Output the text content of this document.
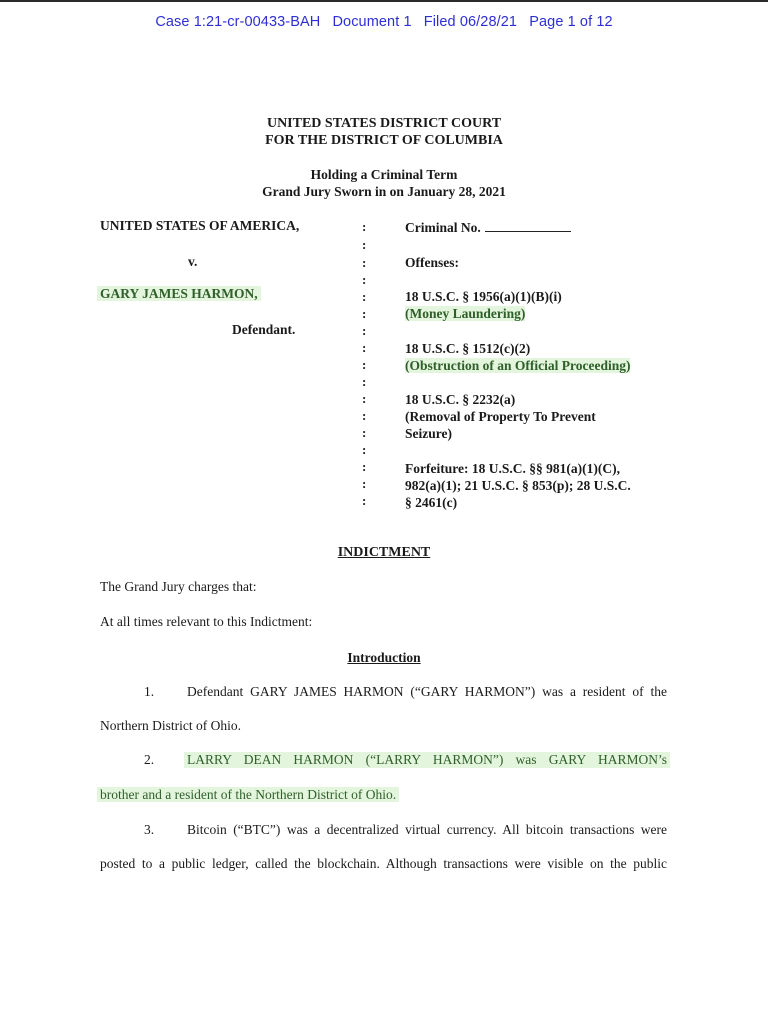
Case 1:21-cr-00433-BAH Document 1 Filed 06/28/21 Page 1 of 12
UNITED STATES DISTRICT COURT
FOR THE DISTRICT OF COLUMBIA
Holding a Criminal Term
Grand Jury Sworn in on January 28, 2021
UNITED STATES OF AMERICA,
v.
GARY JAMES HARMON,
Defendant.
:
:
:
:
:
:
:
:
:
:
:
:
:
:
:
:
:
Criminal No.
Offenses:
18 U.S.C. § 1956(a)(1)(B)(i)
(Money Laundering)
18 U.S.C. § 1512(c)(2)
(Obstruction of an Official Proceeding)
18 U.S.C. § 2232(a)
(Removal of Property To Prevent
Seizure)
Forfeiture: 18 U.S.C. §§ 981(a)(1)(C),
982(a)(1); 21 U.S.C. § 853(p); 28 U.S.C.
§ 2461(c)
INDICTMENT
The Grand Jury charges that:
At all times relevant to this Indictment:
Introduction
1. Defendant GARY JAMES HARMON (“GARY HARMON”) was a resident of the
Northern District of Ohio.
2. LARRY DEAN HARMON (“LARRY HARMON”) was GARY HARMON’s
brother and a resident of the Northern District of Ohio.
3. Bitcoin (“BTC”) was a decentralized virtual currency. All bitcoin transactions were
posted to a public ledger, called the blockchain. Although transactions were visible on the public
